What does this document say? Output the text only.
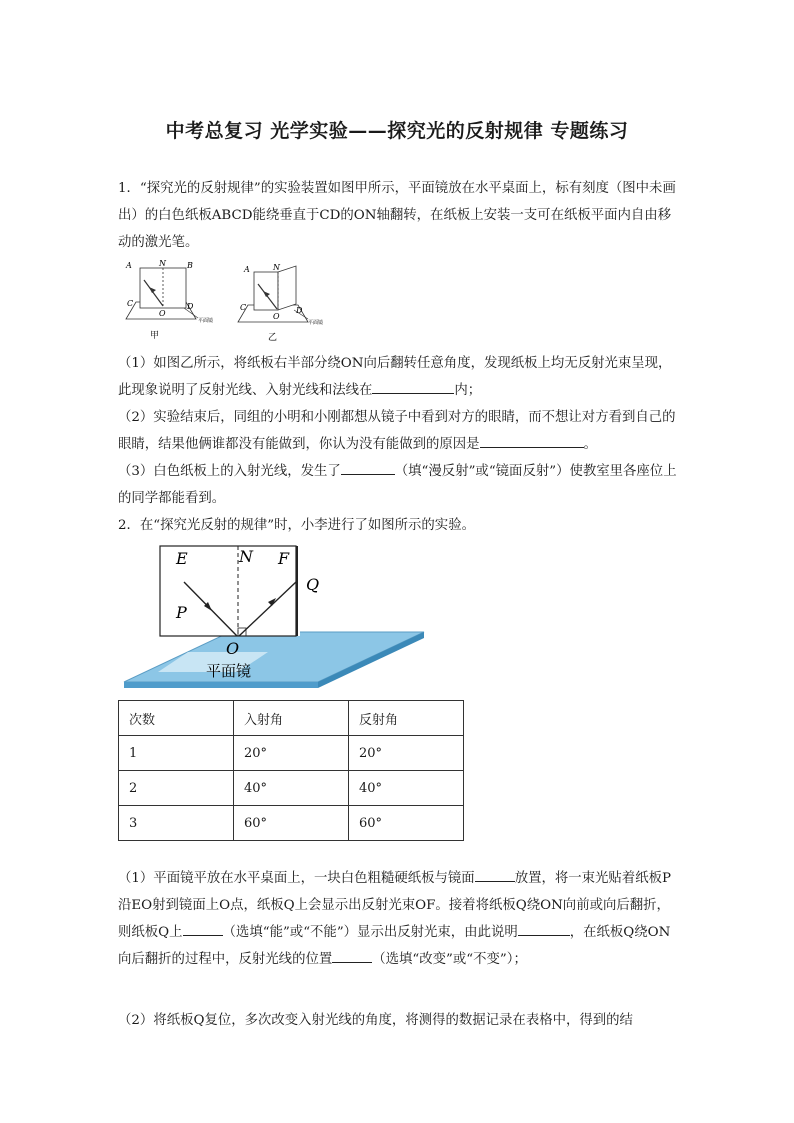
中考总复习 光学实验——探究光的反射规律 专题练习
1．“探究光的反射规律”的实验装置如图甲所示，平面镜放在水平桌面上，标有刻度（图中未画出）的白色纸板ABCD能绕垂直于CD的ON轴翻转，在纸板上安装一支可在纸板平面内自由移动的激光笔。
A	N	B
C
O
D
平面镜
甲
A	N
C
O
D
平面镜
乙
（1）如图乙所示，将纸板右半部分绕ON向后翻转任意角度，发现纸板上均无反射光束呈现，此现象说明了反射光线、入射光线和法线在	内；
（2）实验结束后，同组的小明和小刚都想从镜子中看到对方的眼睛，而不想让对方看到自己的眼睛，结果他俩谁都没有能做到，你认为没有能做到的原因是	。
（3）白色纸板上的入射光线，发生了	（填“漫反射”或“镜面反射”）使教室里各座位上的同学都能看到。
2．在“探究光反射的规律”时，小李进行了如图所示的实验。
E	N F
Q
P
O
平面镜
次数	入射角	反射角
1	20°	20°
2	40°	40°
3	60°	60°
（1）平面镜平放在水平桌面上，一块白色粗糙硬纸板与镜面	放置，将一束光贴着纸板P沿EO射到镜面上O点，纸板Q上会显示出反射光束OF。接着将纸板Q绕ON向前或向后翻折，则纸板Q上	（选填“能”或“不能”）显示出反射光束，由此说明	，在纸板Q绕ON向后翻折的过程中，反射光线的位置	（选填“改变”或“不变”）；
（2）将纸板Q复位，多次改变入射光线的角度，将测得的数据记录在表格中，得到的结
